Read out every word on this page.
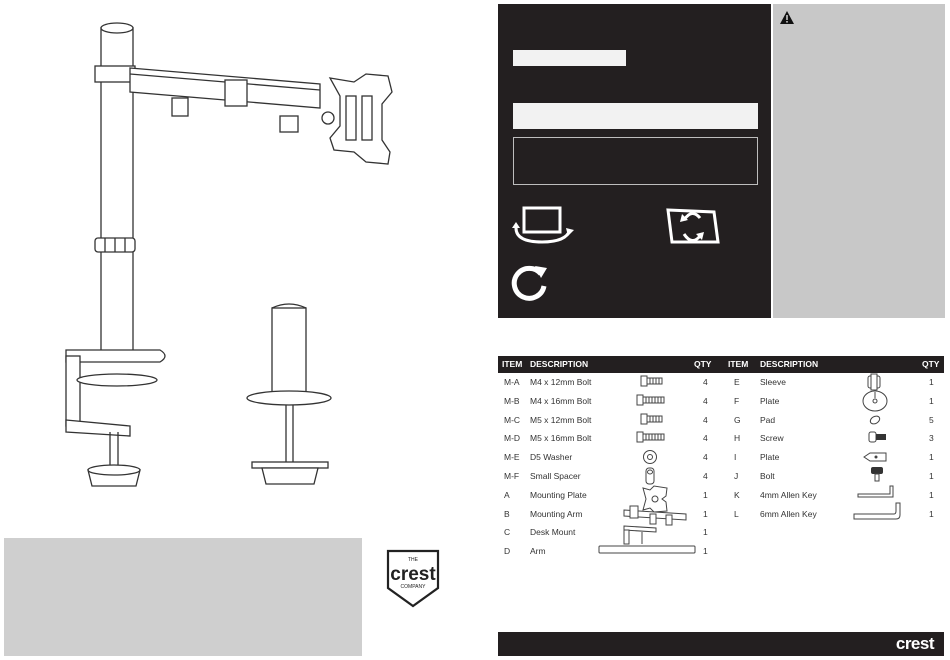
THE
crest
COMPANY
ITEM DESCRIPTION	QTY ITEM DESCRIPTION	QTY
M-A M4 x 12mm Bolt	4
M-B M4 x 16mm Bolt	4
M-C M5 x 12mm Bolt	4
M-D M5 x 16mm Bolt	4
M-E D5 Washer	4
M-F Small Spacer	4
A Mounting Plate	1
B Mounting Arm	1
C Desk Mount	1
D Arm	1
E Sleeve	1
F Plate	1
G Pad	5
H Screw	3
I	Plate	1
J	Bolt	1
K 4mm Allen Key	1
L	6mm Allen Key	1
crest
